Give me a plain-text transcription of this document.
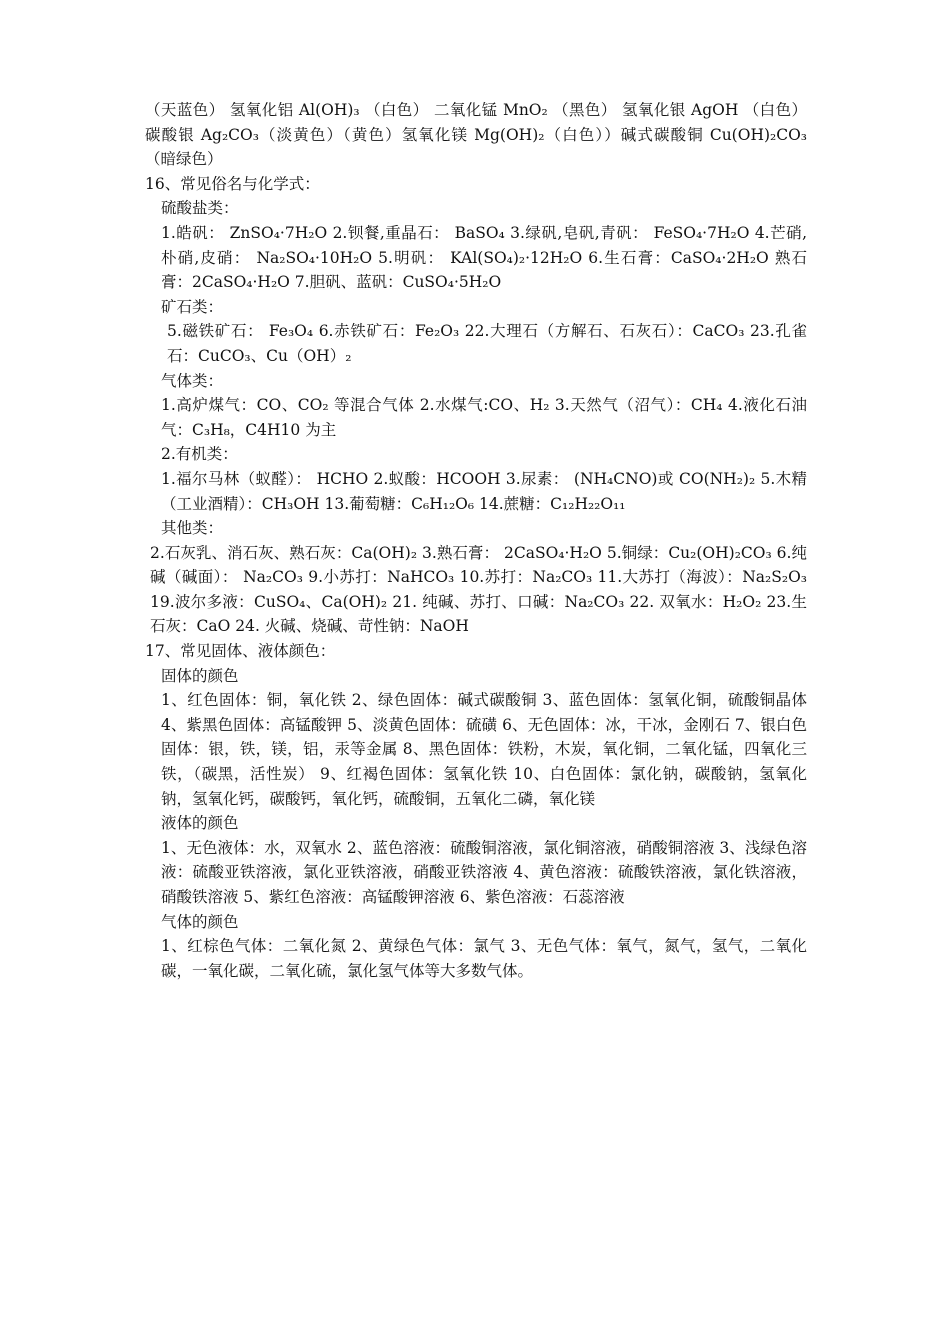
（天蓝色） 氢氧化铝 Al(OH)₃ （白色） 二氧化锰 MnO₂ （黑色） 氢氧化银 AgOH （白色） 碳酸银 Ag₂CO₃（淡黄色）（黄色）氢氧化镁 Mg(OH)₂（白色））碱式碳酸铜 Cu(OH)₂CO₃ （暗绿色）

16、常见俗名与化学式：

硫酸盐类：

1.皓矾： ZnSO₄·7H₂O 2.钡餐,重晶石： BaSO₄ 3.绿矾,皂矾,青矾： FeSO₄·7H₂O 4.芒硝,朴硝,皮硝： Na₂SO₄·10H₂O 5.明矾： KAl(SO₄)₂·12H₂O 6.生石膏：CaSO₄·2H₂O 熟石膏：2CaSO₄·H₂O 7.胆矾、蓝矾：CuSO₄·5H₂O

矿石类：

5.磁铁矿石： Fe₃O₄ 6.赤铁矿石：Fe₂O₃ 22.大理石（方解石、石灰石）：CaCO₃ 23.孔雀石：CuCO₃、Cu（OH）₂

气体类：

1.高炉煤气：CO、CO₂ 等混合气体 2.水煤气:CO、H₂ 3.天然气（沼气）：CH₄ 4.液化石油气：C₃H₈，C4H10 为主

2.有机类：

1.福尔马林（蚁醛）： HCHO 2.蚁酸：HCOOH 3.尿素： (NH₄CNO)或 CO(NH₂)₂ 5.木精（工业酒精）：CH₃OH 13.葡萄糖：C₆H₁₂O₆ 14.蔗糖：C₁₂H₂₂O₁₁

其他类：

2.石灰乳、消石灰、熟石灰：Ca(OH)₂ 3.熟石膏： 2CaSO₄·H₂O 5.铜绿：Cu₂(OH)₂CO₃ 6.纯碱（碱面）： Na₂CO₃ 9.小苏打：NaHCO₃ 10.苏打：Na₂CO₃ 11.大苏打（海波）：Na₂S₂O₃ 19.波尔多液：CuSO₄、Ca(OH)₂ 21. 纯碱、苏打、口碱：Na₂CO₃ 22. 双氧水：H₂O₂ 23.生石灰：CaO 24. 火碱、烧碱、苛性钠：NaOH

17、常见固体、液体颜色：

固体的颜色

1、红色固体：铜，氧化铁 2、绿色固体：碱式碳酸铜 3、蓝色固体：氢氧化铜，硫酸铜晶体 4、紫黑色固体：高锰酸钾 5、淡黄色固体：硫磺 6、无色固体：冰，干冰，金刚石 7、银白色固体：银，铁，镁，铝，汞等金属 8、黑色固体：铁粉，木炭，氧化铜，二氧化锰，四氧化三铁，（碳黑，活性炭） 9、红褐色固体：氢氧化铁 10、白色固体：氯化钠，碳酸钠，氢氧化钠，氢氧化钙，碳酸钙，氧化钙，硫酸铜，五氧化二磷，氧化镁

液体的颜色

1、无色液体：水，双氧水 2、蓝色溶液：硫酸铜溶液，氯化铜溶液，硝酸铜溶液 3、浅绿色溶液：硫酸亚铁溶液，氯化亚铁溶液，硝酸亚铁溶液 4、黄色溶液：硫酸铁溶液，氯化铁溶液，硝酸铁溶液 5、紫红色溶液：高锰酸钾溶液 6、紫色溶液：石蕊溶液

气体的颜色

1、红棕色气体：二氧化氮 2、黄绿色气体：氯气 3、无色气体：氧气，氮气，氢气，二氧化碳，一氧化碳，二氧化硫，氯化氢气体等大多数气体。
